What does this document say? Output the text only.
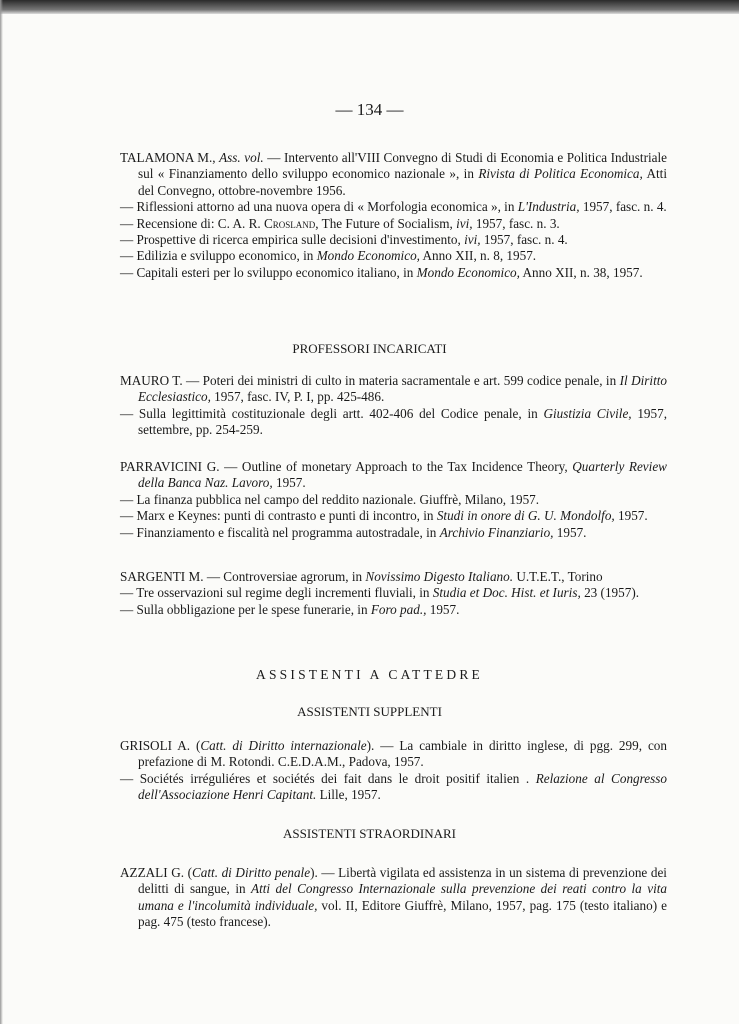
— 134 —
TALAMONA M., Ass. vol. — Intervento all'VIII Convegno di Studi di Economia e Politica Industriale sul « Finanziamento dello sviluppo economico nazionale », in Rivista di Politica Economica, Atti del Convegno, ottobre-novembre 1956.
— Riflessioni attorno ad una nuova opera di « Morfologia economica », in L'Industria, 1957, fasc. n. 4.
— Recensione di: C. A. R. Crosland, The Future of Socialism, ivi, 1957, fasc. n. 3.
— Prospettive di ricerca empirica sulle decisioni d'investimento, ivi, 1957, fasc. n. 4.
— Edilizia e sviluppo economico, in Mondo Economico, Anno XII, n. 8, 1957.
— Capitali esteri per lo sviluppo economico italiano, in Mondo Economico, Anno XII, n. 38, 1957.
PROFESSORI INCARICATI
MAURO T. — Poteri dei ministri di culto in materia sacramentale e art. 599 codice penale, in Il Diritto Ecclesiastico, 1957, fasc. IV, P. I, pp. 425-486.
— Sulla legittimità costituzionale degli artt. 402-406 del Codice penale, in Giustizia Civile, 1957, settembre, pp. 254-259.
PARRAVICINI G. — Outline of monetary Approach to the Tax Incidence Theory, Quarterly Review della Banca Naz. Lavoro, 1957.
— La finanza pubblica nel campo del reddito nazionale. Giuffrè, Milano, 1957.
— Marx e Keynes: punti di contrasto e punti di incontro, in Studi in onore di G. U. Mondolfo, 1957.
— Finanziamento e fiscalità nel programma autostradale, in Archivio Finanziario, 1957.
SARGENTI M. — Controversiae agrorum, in Novissimo Digesto Italiano. U.T.E.T., Torino
— Tre osservazioni sul regime degli incrementi fluviali, in Studia et Doc. Hist. et Iuris, 23 (1957).
— Sulla obbligazione per le spese funerarie, in Foro pad., 1957.
ASSISTENTI A CATTEDRE
ASSISTENTI SUPPLENTI
GRISOLI A. (Catt. di Diritto internazionale). — La cambiale in diritto inglese, di pgg. 299, con prefazione di M. Rotondi. C.E.D.A.M., Padova, 1957.
— Sociétés irréguliéres et sociétés dei fait dans le droit positif italien . Relazione al Congresso dell'Associazione Henri Capitant. Lille, 1957.
ASSISTENTI STRAORDINARI
AZZALI G. (Catt. di Diritto penale). — Libertà vigilata ed assistenza in un sistema di prevenzione dei delitti di sangue, in Atti del Congresso Internazionale sulla prevenzione dei reati contro la vita umana e l'incolumità individuale, vol. II, Editore Giuffrè, Milano, 1957, pag. 175 (testo italiano) e pag. 475 (testo francese).
